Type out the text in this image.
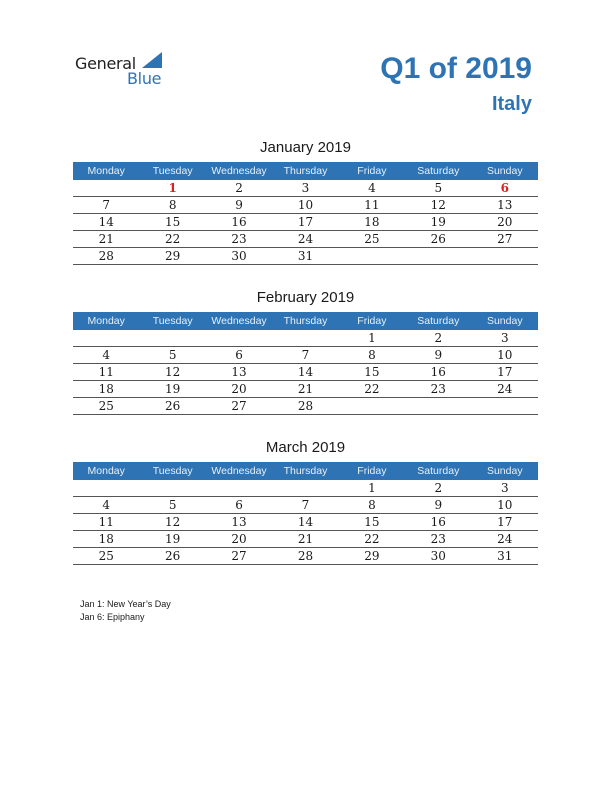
General
Blue	Q1 of 2019
Italy
January 2019
Monday	Tuesday	Wednesday	Thursday	Friday	Saturday	Sunday
	1	2	3	4	5	6
7	8	9	10	11	12	13
14	15	16	17	18	19	20
21	22	23	24	25	26	27
28	29	30	31			
February 2019
Monday	Tuesday	Wednesday	Thursday	Friday	Saturday	Sunday
				1	2	3
4	5	6	7	8	9	10
11	12	13	14	15	16	17
18	19	20	21	22	23	24
25	26	27	28			
March 2019
Monday	Tuesday	Wednesday	Thursday	Friday	Saturday	Sunday
				1	2	3
4	5	6	7	8	9	10
11	12	13	14	15	16	17
18	19	20	21	22	23	24
25	26	27	28	29	30	31
Jan 1: New Year’s Day
Jan 6: Epiphany
